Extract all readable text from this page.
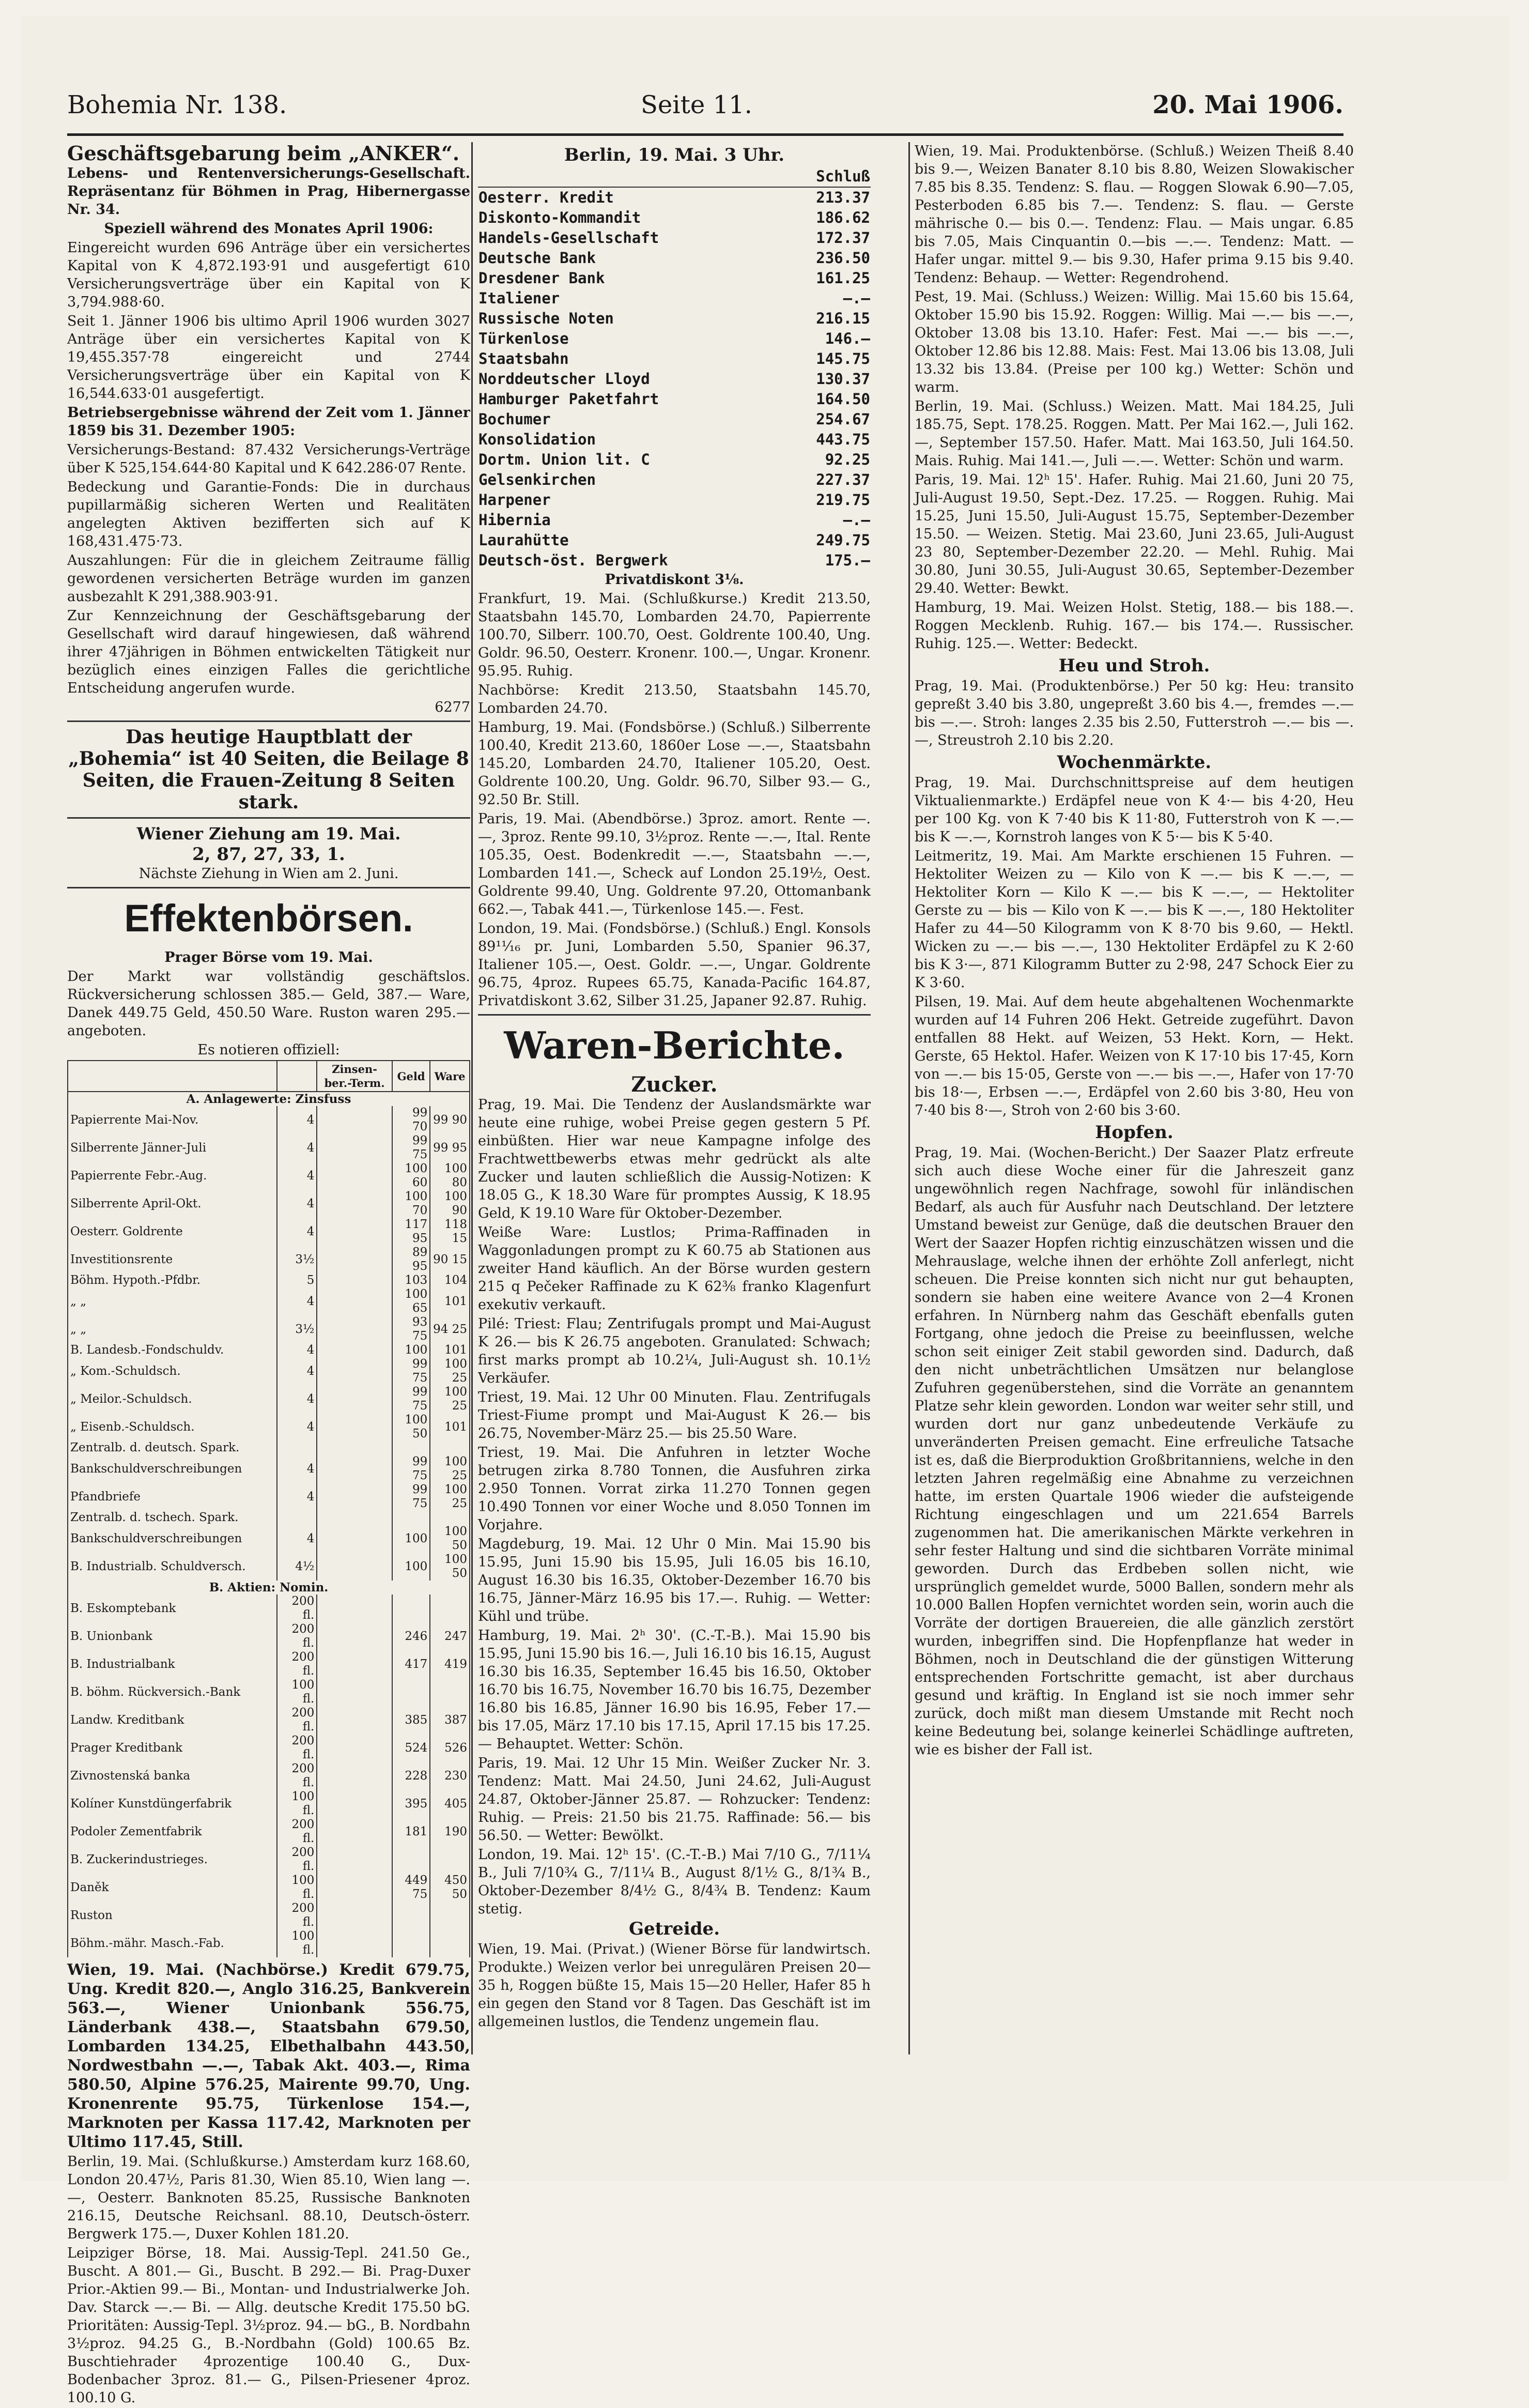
Bohemia Nr. 138.	Seite 11.	20. Mai 1906.
Geschäftsgebarung beim „ANKER“.

Lebens- und Rentenversicherungs-Gesellschaft. Repräsentanz für Böhmen in Prag, Hibernergasse Nr. 34.

Speziell während des Monates April 1906:

Eingereicht wurden 696 Anträge über ein versichertes Kapital von K 4,872.193·91 und ausgefertigt 610 Versicherungsverträge über ein Kapital von K 3,794.988·60.

Seit 1. Jänner 1906 bis ultimo April 1906 wurden 3027 Anträge über ein versichertes Kapital von K 19,455.357·78 eingereicht und 2744 Versicherungsverträge über ein Kapital von K 16,544.633·01 ausgefertigt.

Betriebsergebnisse während der Zeit vom 1. Jänner 1859 bis 31. Dezember 1905:

Versicherungs-Bestand: 87.432 Versicherungs-Verträge über K 525,154.644·80 Kapital und K 642.286·07 Rente.

Bedeckung und Garantie-Fonds: Die in durchaus pupillarmäßig sicheren Werten und Realitäten angelegten Aktiven bezifferten sich auf K 168,431.475·73.

Auszahlungen: Für die in gleichem Zeitraume fällig gewordenen versicherten Beträge wurden im ganzen ausbezahlt K 291,388.903·91.

Zur Kennzeichnung der Geschäftsgebarung der Gesellschaft wird darauf hingewiesen, daß während ihrer 47jährigen in Böhmen entwickelten Tätigkeit nur bezüglich eines einzigen Falles die gerichtliche Entscheidung angerufen wurde.

6277

Das heutige Hauptblatt der „Bohemia“ ist 40 Seiten, die Beilage 8 Seiten, die Frauen-Zeitung 8 Seiten stark.

Wiener Ziehung am 19. Mai.

2, 87, 27, 33, 1.

Nächste Ziehung in Wien am 2. Juni.

Effektenbörsen.

Prager Börse vom 19. Mai.

Der Markt war vollständig geschäftslos. Rückversicherung schlossen 385.— Geld, 387.— Ware, Danek 449.75 Geld, 450.50 Ware. Ruston waren 295.— angeboten.

Es notieren offiziell:

		Zinsen-ber.-Term.	Geld	Ware
A. Anlagewerte: Zinsfuss				
Papierrente Mai-Nov.	4		99 70	99 90
Silberrente Jänner-Juli	4		99 75	99 95
Papierrente Febr.-Aug.	4		100 60	100 80
Silberrente April-Okt.	4		100 70	100 90
Oesterr. Goldrente	4		117 95	118 15
Investitionsrente	3½		89 95	90 15
Böhm. Hypoth.-Pfdbr.	5		103	104
„ „	4		100 65	101
„ „	3½		93 75	94 25
B. Landesb.-Fondschuldv.	4		100	101
„ Kom.-Schuldsch.	4		99 75	100 25
„ Meilor.-Schuldsch.	4		99 75	100 25
„ Eisenb.-Schuldsch.	4		100 50	101
Zentralb. d. deutsch. Spark.				
Bankschuldverschreibungen	4		99 75	100 25
Pfandbriefe	4		99 75	100 25
Zentralb. d. tschech. Spark.				
Bankschuldverschreibungen	4		100	100 50
B. Industrialb. Schuldversch.	4½		100	100 50
B. Aktien: Nomin.				
B. Eskomptebank	200 fl.			
B. Unionbank	200 fl.		246	247
B. Industrialbank	200 fl.		417	419
B. böhm. Rückversich.-Bank	100 fl.			
Landw. Kreditbank	200 fl.		385	387
Prager Kreditbank	200 fl.		524	526
Zivnostenská banka	200 fl.		228	230
Kolíner Kunstdüngerfabrik	100 fl.		395	405
Podoler Zementfabrik	200 fl.		181	190
B. Zuckerindustrieges.	200 fl.			
Daněk	100 fl.		449 75	450 50
Ruston	200 fl.			
Böhm.-mähr. Masch.-Fab.	100 fl.			

Wien, 19. Mai. (Nachbörse.) Kredit 679.75, Ung. Kredit 820.—, Anglo 316.25, Bankverein 563.—, Wiener Unionbank 556.75, Länderbank 438.—, Staatsbahn 679.50, Lombarden 134.25, Elbethalbahn 443.50, Nordwestbahn —.—, Tabak Akt. 403.—, Rima 580.50, Alpine 576.25, Mairente 99.70, Ung. Kronenrente 95.75, Türkenlose 154.—, Marknoten per Kassa 117.42, Marknoten per Ultimo 117.45, Still.

Berlin, 19. Mai. (Schlußkurse.) Amsterdam kurz 168.60, London 20.47½, Paris 81.30, Wien 85.10, Wien lang —.—, Oesterr. Banknoten 85.25, Russische Banknoten 216.15, Deutsche Reichsanl. 88.10, Deutsch-österr. Bergwerk 175.—, Duxer Kohlen 181.20.

Leipziger Börse, 18. Mai. Aussig-Tepl. 241.50 Ge., Buscht. A 801.— Gi., Buscht. B 292.— Bi. Prag-Duxer Prior.-Aktien 99.— Bi., Montan- und Industrialwerke Joh. Dav. Starck —.— Bi. — Allg. deutsche Kredit 175.50 bG. Prioritäten: Aussig-Tepl. 3½proz. 94.— bG., B. Nordbahn 3½proz. 94.25 G., B.-Nordbahn (Gold) 100.65 Bz. Buschtiehrader 4prozentige 100.40 G., Dux-Bodenbacher 3proz. 81.— G., Pilsen-Priesener 4proz. 100.10 G.

Berlin, 19. Mai. 3 Uhr.
Schluß	
Oesterr. Kredit	213.37
Diskonto-Kommandit	186.62
Handels-Gesellschaft	172.37
Deutsche Bank	236.50
Dresdener Bank	161.25
Italiener	—.—
Russische Noten	216.15
Türkenlose	146.—
Staatsbahn	145.75
Norddeutscher Lloyd	130.37
Hamburger Paketfahrt	164.50
Bochumer	254.67
Konsolidation	443.75
Dortm. Union lit. C	92.25
Gelsenkirchen	227.37
Harpener	219.75
Hibernia	—.—
Laurahütte	249.75
Deutsch-öst. Bergwerk	175.—

Privatdiskont 3⅛.

Frankfurt, 19. Mai. (Schlußkurse.) Kredit 213.50, Staatsbahn 145.70, Lombarden 24.70, Papierrente 100.70, Silberr. 100.70, Oest. Goldrente 100.40, Ung. Goldr. 96.50, Oesterr. Kronenr. 100.—, Ungar. Kronenr. 95.95. Ruhig.

Nachbörse: Kredit 213.50, Staatsbahn 145.70, Lombarden 24.70.

Hamburg, 19. Mai. (Fondsbörse.) (Schluß.) Silberrente 100.40, Kredit 213.60, 1860er Lose —.—, Staatsbahn 145.20, Lombarden 24.70, Italiener 105.20, Oest. Goldrente 100.20, Ung. Goldr. 96.70, Silber 93.— G., 92.50 Br. Still.

Paris, 19. Mai. (Abendbörse.) 3proz. amort. Rente —.—, 3proz. Rente 99.10, 3½proz. Rente —.—, Ital. Rente 105.35, Oest. Bodenkredit —.—, Staatsbahn —.—, Lombarden 141.—, Scheck auf London 25.19½, Oest. Goldrente 99.40, Ung. Goldrente 97.20, Ottomanbank 662.—, Tabak 441.—, Türkenlose 145.—. Fest.

London, 19. Mai. (Fondsbörse.) (Schluß.) Engl. Konsols 89¹¹⁄₁₆ pr. Juni, Lombarden 5.50, Spanier 96.37, Italiener 105.—, Oest. Goldr. —.—, Ungar. Goldrente 96.75, 4proz. Rupees 65.75, Kanada-Pacific 164.87, Privatdiskont 3.62, Silber 31.25, Japaner 92.87. Ruhig.

Waren-Berichte.
Zucker.

Prag, 19. Mai. Die Tendenz der Auslandsmärkte war heute eine ruhige, wobei Preise gegen gestern 5 Pf. einbüßten. Hier war neue Kampagne infolge des Frachtwettbewerbs etwas mehr gedrückt als alte Zucker und lauten schließlich die Aussig-Notizen: K 18.05 G., K 18.30 Ware für promptes Aussig, K 18.95 Geld, K 19.10 Ware für Oktober-Dezember.

Weiße Ware: Lustlos; Prima-Raffinaden in Waggonladungen prompt zu K 60.75 ab Stationen aus zweiter Hand käuflich. An der Börse wurden gestern 215 q Pečeker Raffinade zu K 62⅜ franko Klagenfurt exekutiv verkauft.

Pilé: Triest: Flau; Zentrifugals prompt und Mai-August K 26.— bis K 26.75 angeboten. Granulated: Schwach; first marks prompt ab 10.2¼, Juli-August sh. 10.1½ Verkäufer.

Triest, 19. Mai. 12 Uhr 00 Minuten. Flau. Zentrifugals Triest-Fiume prompt und Mai-August K 26.— bis 26.75, November-März 25.— bis 25.50 Ware.

Triest, 19. Mai. Die Anfuhren in letzter Woche betrugen zirka 8.780 Tonnen, die Ausfuhren zirka 2.950 Tonnen. Vorrat zirka 11.270 Tonnen gegen 10.490 Tonnen vor einer Woche und 8.050 Tonnen im Vorjahre.

Magdeburg, 19. Mai. 12 Uhr 0 Min. Mai 15.90 bis 15.95, Juni 15.90 bis 15.95, Juli 16.05 bis 16.10, August 16.30 bis 16.35, Oktober-Dezember 16.70 bis 16.75, Jänner-März 16.95 bis 17.—. Ruhig. — Wetter: Kühl und trübe.

Hamburg, 19. Mai. 2ʰ 30'. (C.-T.-B.). Mai 15.90 bis 15.95, Juni 15.90 bis 16.—, Juli 16.10 bis 16.15, August 16.30 bis 16.35, September 16.45 bis 16.50, Oktober 16.70 bis 16.75, November 16.70 bis 16.75, Dezember 16.80 bis 16.85, Jänner 16.90 bis 16.95, Feber 17.— bis 17.05, März 17.10 bis 17.15, April 17.15 bis 17.25. — Behauptet. Wetter: Schön.

Paris, 19. Mai. 12 Uhr 15 Min. Weißer Zucker Nr. 3. Tendenz: Matt. Mai 24.50, Juni 24.62, Juli-August 24.87, Oktober-Jänner 25.87. — Rohzucker: Tendenz: Ruhig. — Preis: 21.50 bis 21.75. Raffinade: 56.— bis 56.50. — Wetter: Bewölkt.

London, 19. Mai. 12ʰ 15'. (C.-T.-B.) Mai 7/10 G., 7/11¼ B., Juli 7/10¾ G., 7/11¼ B., August 8/1½ G., 8/1¾ B., Oktober-Dezember 8/4½ G., 8/4¾ B. Tendenz: Kaum stetig.

Getreide.

Wien, 19. Mai. (Privat.) (Wiener Börse für landwirtsch. Produkte.) Weizen verlor bei unregulären Preisen 20—35 h, Roggen büßte 15, Mais 15—20 Heller, Hafer 85 h ein gegen den Stand vor 8 Tagen. Das Geschäft ist im allgemeinen lustlos, die Tendenz ungemein flau.

Wien, 19. Mai. Produktenbörse. (Schluß.) Weizen Theiß 8.40 bis 9.—, Weizen Banater 8.10 bis 8.80, Weizen Slowakischer 7.85 bis 8.35. Tendenz: S. flau. — Roggen Slowak 6.90—7.05, Pesterboden 6.85 bis 7.—. Tendenz: S. flau. — Gerste mährische 0.— bis 0.—. Tendenz: Flau. — Mais ungar. 6.85 bis 7.05, Mais Cinquantin 0.—bis —.—. Tendenz: Matt. — Hafer ungar. mittel 9.— bis 9.30, Hafer prima 9.15 bis 9.40. Tendenz: Behaup. — Wetter: Regendrohend.

Pest, 19. Mai. (Schluss.) Weizen: Willig. Mai 15.60 bis 15.64, Oktober 15.90 bis 15.92. Roggen: Willig. Mai —.— bis —.—, Oktober 13.08 bis 13.10. Hafer: Fest. Mai —.— bis —.—, Oktober 12.86 bis 12.88. Mais: Fest. Mai 13.06 bis 13.08, Juli 13.32 bis 13.84. (Preise per 100 kg.) Wetter: Schön und warm.

Berlin, 19. Mai. (Schluss.) Weizen. Matt. Mai 184.25, Juli 185.75, Sept. 178.25. Roggen. Matt. Per Mai 162.—, Juli 162.—, September 157.50. Hafer. Matt. Mai 163.50, Juli 164.50. Mais. Ruhig. Mai 141.—, Juli —.—. Wetter: Schön und warm.

Paris, 19. Mai. 12ʰ 15'. Hafer. Ruhig. Mai 21.60, Juni 20 75, Juli-August 19.50, Sept.-Dez. 17.25. — Roggen. Ruhig. Mai 15.25, Juni 15.50, Juli-August 15.75, September-Dezember 15.50. — Weizen. Stetig. Mai 23.60, Juni 23.65, Juli-August 23 80, September-Dezember 22.20. — Mehl. Ruhig. Mai 30.80, Juni 30.55, Juli-August 30.65, September-Dezember 29.40. Wetter: Bewkt.

Hamburg, 19. Mai. Weizen Holst. Stetig, 188.— bis 188.—. Roggen Mecklenb. Ruhig. 167.— bis 174.—. Russischer. Ruhig. 125.—. Wetter: Bedeckt.

Heu und Stroh.

Prag, 19. Mai. (Produktenbörse.) Per 50 kg: Heu: transito gepreßt 3.40 bis 3.80, ungepreßt 3.60 bis 4.—, fremdes —.— bis —.—. Stroh: langes 2.35 bis 2.50, Futterstroh —.— bis —.—, Streustroh 2.10 bis 2.20.

Wochenmärkte.

Prag, 19. Mai. Durchschnittspreise auf dem heutigen Viktualienmarkte.) Erdäpfel neue von K 4·— bis 4·20, Heu per 100 Kg. von K 7·40 bis K 11·80, Futterstroh von K —.— bis K —.—, Kornstroh langes von K 5·— bis K 5·40.

Leitmeritz, 19. Mai. Am Markte erschienen 15 Fuhren. — Hektoliter Weizen zu — Kilo von K —.— bis K —.—, — Hektoliter Korn — Kilo K —.— bis K —.—, — Hektoliter Gerste zu — bis — Kilo von K —.— bis K —.—, 180 Hektoliter Hafer zu 44—50 Kilogramm von K 8·70 bis 9.60, — Hektl. Wicken zu —.— bis —.—, 130 Hektoliter Erdäpfel zu K 2·60 bis K 3·—, 871 Kilogramm Butter zu 2·98, 247 Schock Eier zu K 3·60.

Pilsen, 19. Mai. Auf dem heute abgehaltenen Wochenmarkte wurden auf 14 Fuhren 206 Hekt. Getreide zugeführt. Davon entfallen 88 Hekt. auf Weizen, 53 Hekt. Korn, — Hekt. Gerste, 65 Hektol. Hafer. Weizen von K 17·10 bis 17·45, Korn von —.— bis 15·05, Gerste von —.— bis —.—, Hafer von 17·70 bis 18·—, Erbsen —.—, Erdäpfel von 2.60 bis 3·80, Heu von 7·40 bis 8·—, Stroh von 2·60 bis 3·60.

Hopfen.

Prag, 19. Mai. (Wochen-Bericht.) Der Saazer Platz erfreute sich auch diese Woche einer für die Jahreszeit ganz ungewöhnlich regen Nachfrage, sowohl für inländischen Bedarf, als auch für Ausfuhr nach Deutschland. Der letztere Umstand beweist zur Genüge, daß die deutschen Brauer den Wert der Saazer Hopfen richtig einzuschätzen wissen und die Mehrauslage, welche ihnen der erhöhte Zoll anferlegt, nicht scheuen. Die Preise konnten sich nicht nur gut behaupten, sondern sie haben eine weitere Avance von 2—4 Kronen erfahren. In Nürnberg nahm das Geschäft ebenfalls guten Fortgang, ohne jedoch die Preise zu beeinflussen, welche schon seit einiger Zeit stabil geworden sind. Dadurch, daß den nicht unbeträchtlichen Umsätzen nur belanglose Zufuhren gegenüberstehen, sind die Vorräte an genanntem Platze sehr klein geworden. London war weiter sehr still, und wurden dort nur ganz unbedeutende Verkäufe zu unveränderten Preisen gemacht. Eine erfreuliche Tatsache ist es, daß die Bierproduktion Großbritanniens, welche in den letzten Jahren regelmäßig eine Abnahme zu verzeichnen hatte, im ersten Quartale 1906 wieder die aufsteigende Richtung eingeschlagen und um 221.654 Barrels zugenommen hat. Die amerikanischen Märkte verkehren in sehr fester Haltung und sind die sichtbaren Vorräte minimal geworden. Durch das Erdbeben sollen nicht, wie ursprünglich gemeldet wurde, 5000 Ballen, sondern mehr als 10.000 Ballen Hopfen vernichtet worden sein, worin auch die Vorräte der dortigen Brauereien, die alle gänzlich zerstört wurden, inbegriffen sind. Die Hopfenpflanze hat weder in Böhmen, noch in Deutschland die der günstigen Witterung entsprechenden Fortschritte gemacht, ist aber durchaus gesund und kräftig. In England ist sie noch immer sehr zurück, doch mißt man diesem Umstande mit Recht noch keine Bedeutung bei, solange keinerlei Schädlinge auftreten, wie es bisher der Fall ist.
